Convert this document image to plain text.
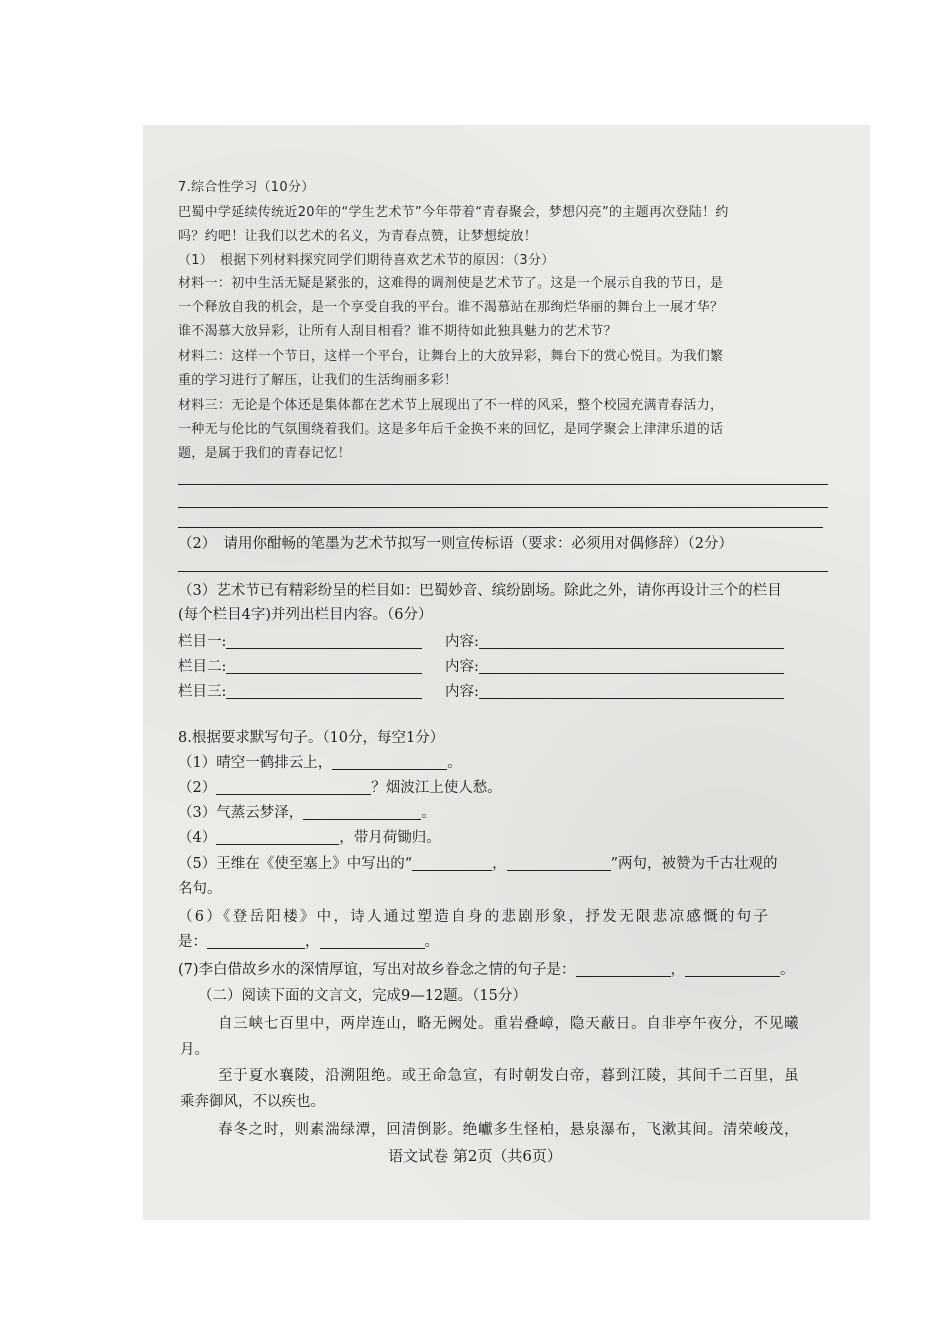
7.综合性学习（10分）
巴蜀中学延续传统近20年的“学生艺术节”今年带着“青春聚会，梦想闪亮”的主题再次登陆！约
吗？约吧！让我们以艺术的名义，为青春点赞，让梦想绽放！
（1）　根据下列材料探究同学们期待喜欢艺术节的原因：（3分）
材料一：初中生活无疑是紧张的，这难得的调剂使是艺术节了。这是一个展示自我的节日，是
一个释放自我的机会，是一个享受自我的平台。谁不渴慕站在那绚烂华丽的舞台上一展才华？
谁不渴慕大放异彩，让所有人刮目相看？谁不期待如此独具魅力的艺术节？
材料二：这样一个节日，这样一个平台，让舞台上的大放异彩，舞台下的赏心悦目。为我们繁
重的学习进行了解压，让我们的生活绚丽多彩！
材料三：无论是个体还是集体都在艺术节上展现出了不一样的风采，整个校园充满青春活力，
一种无与伦比的气氛围绕着我们。这是多年后千金换不来的回忆，是同学聚会上津津乐道的话
题，是属于我们的青春记忆！
（2）　请用你酣畅的笔墨为艺术节拟写一则宣传标语（要求：必须用对偶修辞）（2分）
（3）艺术节已有精彩纷呈的栏目如：巴蜀妙音、缤纷剧场。除此之外，请你再设计三个的栏目
(每个栏目4字)并列出栏目内容。（6分）
栏目一:	内容:
栏目二:	内容:
栏目三:	内容:
8.根据要求默写句子。（10分，每空1分）
（1）晴空一鹤排云上，	。
（2）	？烟波江上使人愁。
（3）气蒸云梦泽，	。
（4）	，带月荷锄归。
（5）王维在《使至塞上》中写出的“	，	”两句，被赞为千古壮观的
名句。
（6）《登岳阳楼》中，诗人通过塑造自身的悲剧形象，抒发无限悲凉感慨的句子
是：	，	。
(7)李白借故乡水的深情厚谊，写出对故乡眷念之情的句子是：	，	。
（二）阅读下面的文言文，完成9—12题。（15分）
自三峡七百里中，两岸连山，略无阙处。重岩叠嶂，隐天蔽日。自非亭午夜分，不见曦
月。
至于夏水襄陵，沿溯阻绝。或王命急宣，有时朝发白帝，暮到江陵，其间千二百里，虽
乘奔御风，不以疾也。
春冬之时，则素湍绿潭，回清倒影。绝巘多生怪柏，悬泉瀑布，飞漱其间。清荣峻茂，
语文试卷 第2页（共6页）
